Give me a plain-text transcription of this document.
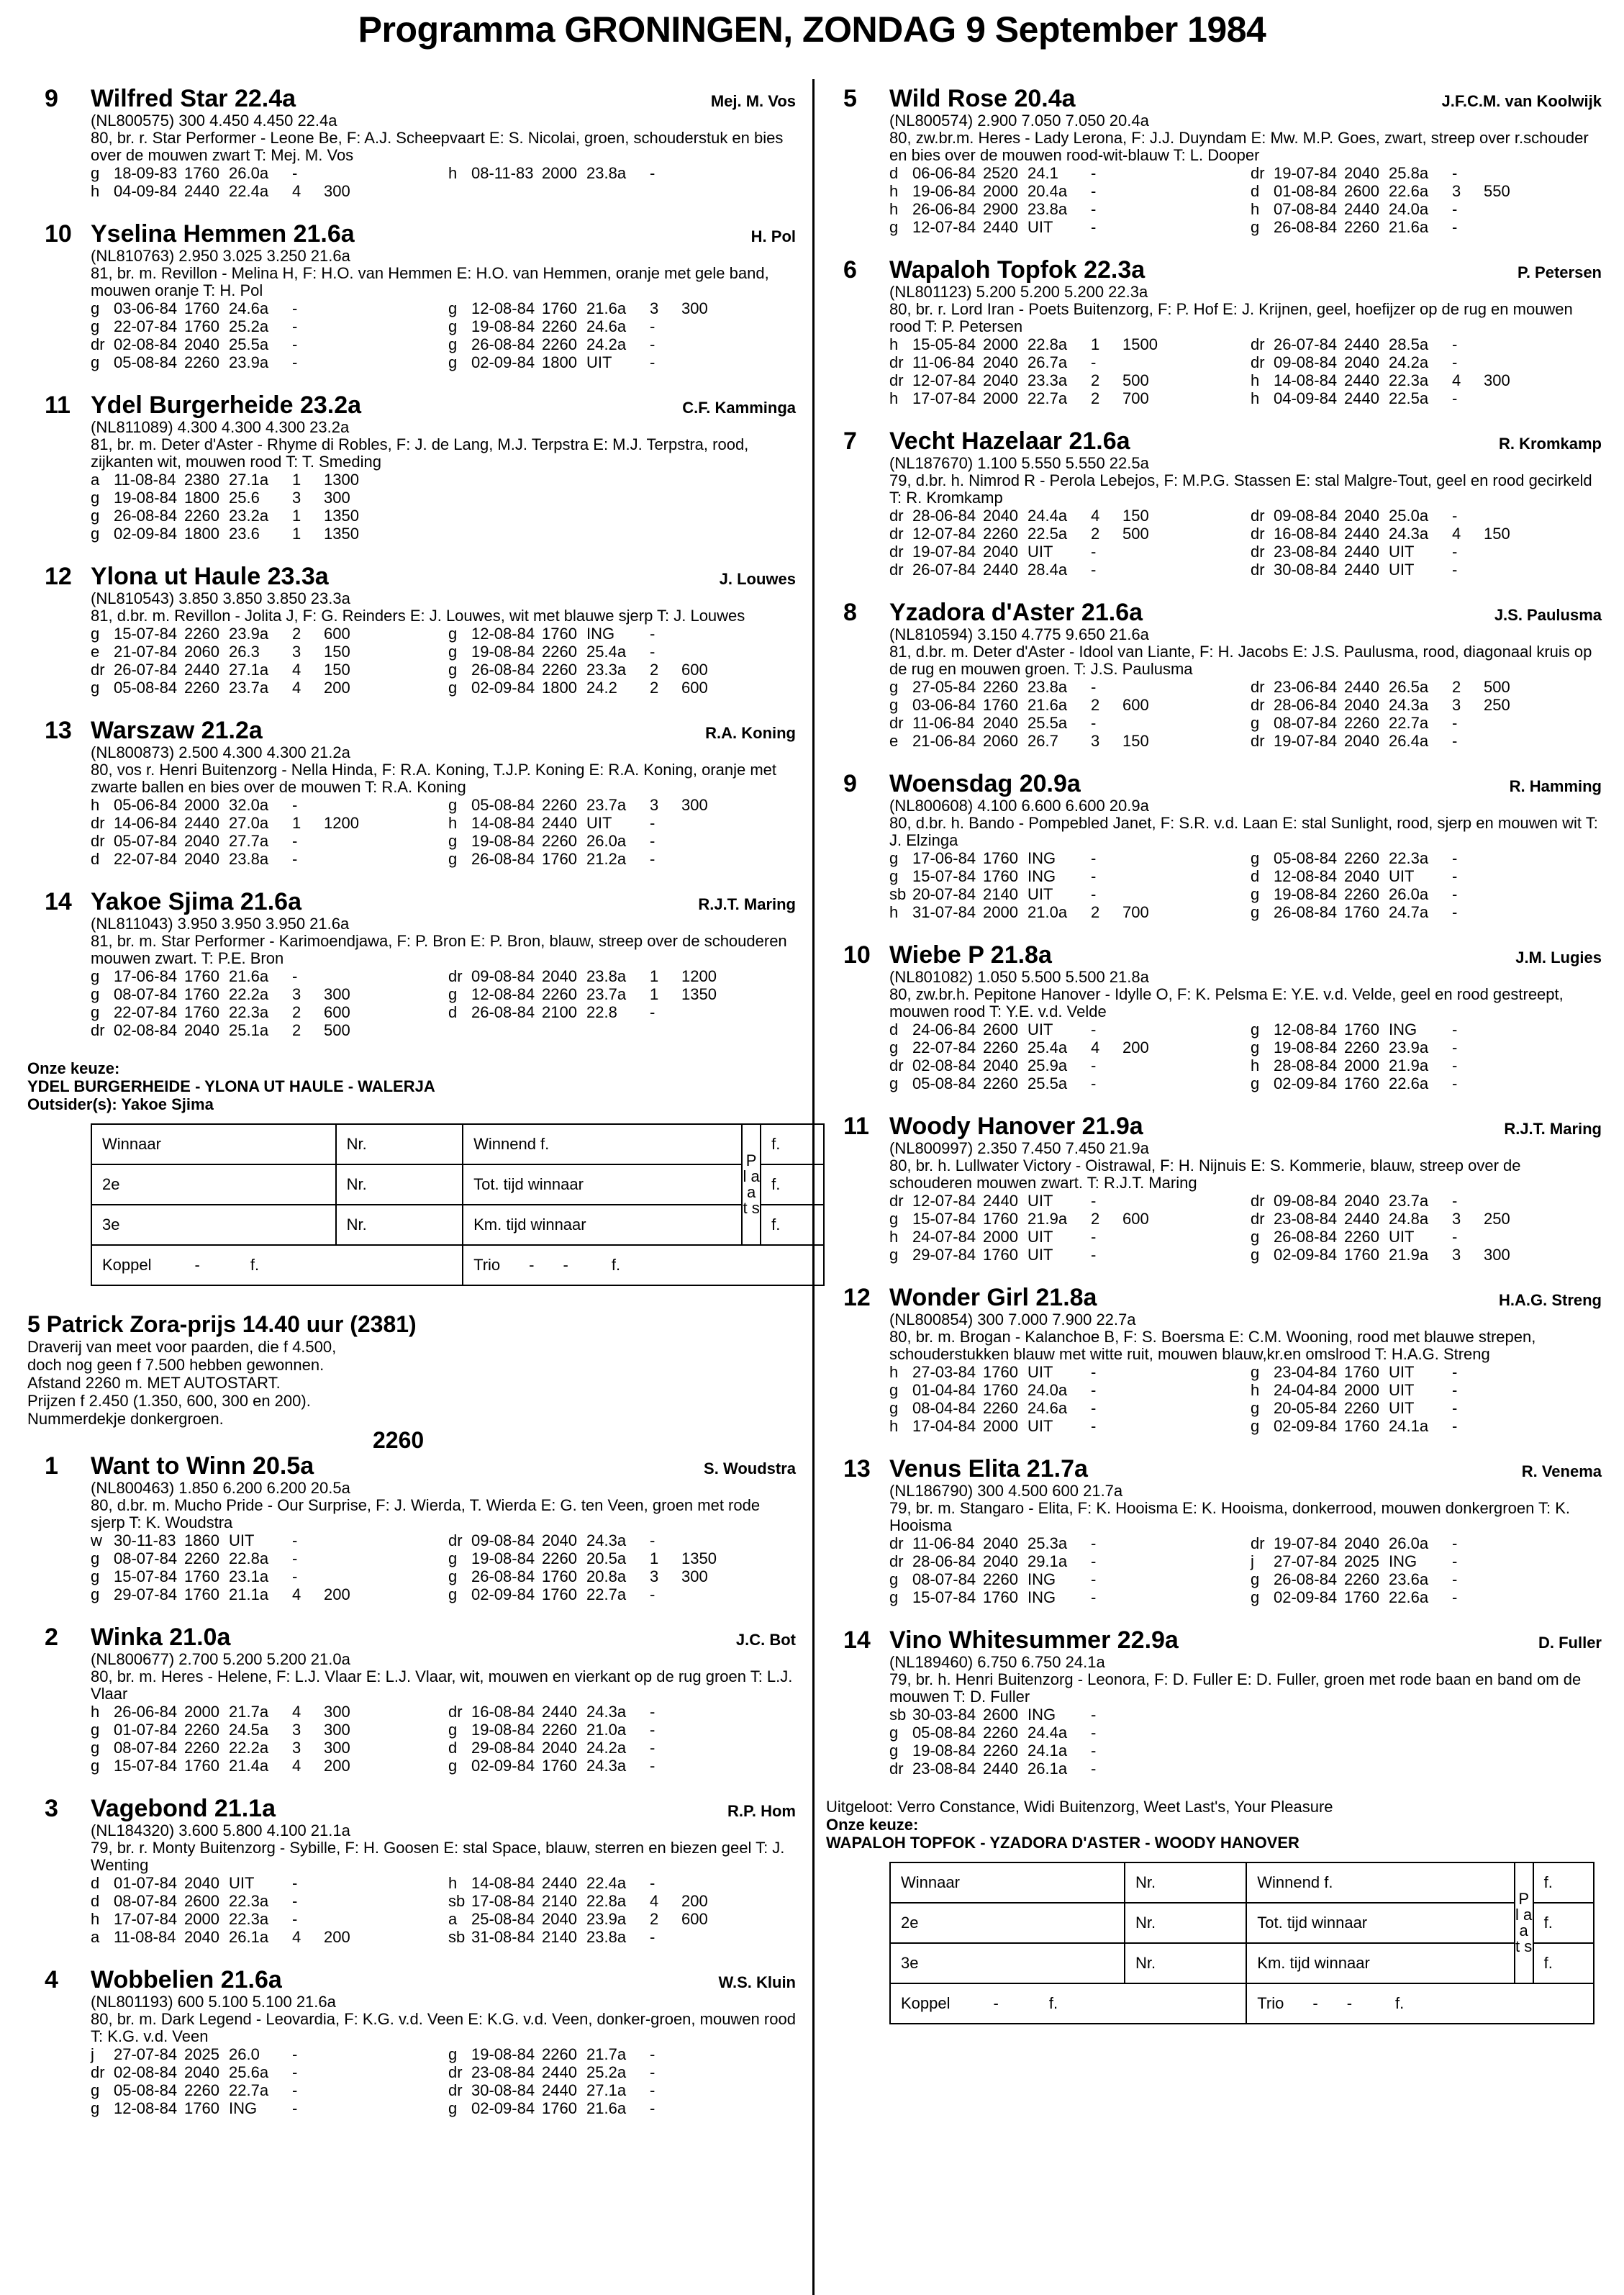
Programma GRONINGEN, ZONDAG 9 September 1984
9 Wilfred Star 22.4a	Mej. M. Vos
(NL800575) 300 4.450 4.450 22.4a
80, br. r. Star Performer - Leone Be, F: A.J. Scheepvaart E: S. Nicolai, groen, schouderstuk en bies over de mouwen zwart T: Mej. M. Vos
g 18-09-83 1760 26.0a	-	h 08-11-83 2000 23.8a	-
h 04-09-84 2440 22.4a	4	300
10 Yselina Hemmen 21.6a	H. Pol
(NL810763) 2.950 3.025 3.250 21.6a
81, br. m. Revillon - Melina H, F: H.O. van Hemmen E: H.O. van Hemmen, oranje met gele band, mouwen oranje T: H. Pol
g 03-06-84 1760 24.6a	-	g 12-08-84 1760 21.6a	3	300
g 22-07-84 1760 25.2a	-	g 19-08-84 2260 24.6a	-
dr 02-08-84 2040 25.5a	-	g 26-08-84 2260 24.2a	-
g 05-08-84 2260 23.9a	-	g 02-09-84 1800 UIT	-
11 Ydel Burgerheide 23.2a	C.F. Kamminga
(NL811089) 4.300 4.300 4.300 23.2a
81, br. m. Deter d'Aster - Rhyme di Robles, F: J. de Lang, M.J. Terpstra E: M.J. Terpstra, rood, zijkanten wit, mouwen rood T: T. Smeding
a 11-08-84 2380 27.1a	1	1300
g 19-08-84 1800 25.6	3	300
g 26-08-84 2260 23.2a	1	1350
g 02-09-84 1800 23.6	1	1350
12 Ylona ut Haule 23.3a	J. Louwes
(NL810543) 3.850 3.850 3.850 23.3a
81, d.br. m. Revillon - Jolita J, F: G. Reinders E: J. Louwes, wit met blauwe sjerp T: J. Louwes
g 15-07-84 2260 23.9a	2	600	g 12-08-84 1760 ING	-
e 21-07-84 2060 26.3	3	150	g 19-08-84 2260 25.4a	-
dr 26-07-84 2440 27.1a	4	150	g 26-08-84 2260 23.3a	2	600
g 05-08-84 2260 23.7a	4	200	g 02-09-84 1800 24.2	2	600
13 Warszaw 21.2a	R.A. Koning
(NL800873) 2.500 4.300 4.300 21.2a
80, vos r. Henri Buitenzorg - Nella Hinda, F: R.A. Koning, T.J.P. Koning E: R.A. Koning, oranje met zwarte ballen en bies over de mouwen T: R.A. Koning
h 05-06-84 2000 32.0a	-	g 05-08-84 2260 23.7a	3	300
dr 14-06-84 2440 27.0a	1	1200	h 14-08-84 2440 UIT	-
dr 05-07-84 2040 27.7a	-	g 19-08-84 2260 26.0a	-
d 22-07-84 2040 23.8a	-	g 26-08-84 1760 21.2a	-
14 Yakoe Sjima 21.6a	R.J.T. Maring
(NL811043) 3.950 3.950 3.950 21.6a
81, br. m. Star Performer - Karimoendjawa, F: P. Bron E: P. Bron, blauw, streep over de schouderen mouwen zwart. T: P.E. Bron
g 17-06-84 1760 21.6a	-	dr 09-08-84 2040 23.8a	1	1200
g 08-07-84 1760 22.2a	3	300	g 12-08-84 2260 23.7a	1	1350
g 22-07-84 1760 22.3a	2	600	d 26-08-84 2100 22.8	-
dr 02-08-84 2040 25.1a	2	500
Onze keuze:
YDEL BURGERHEIDE - YLONA UT HAULE - WALERJA
Outsider(s): Yakoe Sjima
Winnaar	Nr.	Winnend f.	P l a a t s	f.
2e	Nr.	Tot. tijd winnaar		f.
3e	Nr.	Km. tijd winnaar		f.
Koppel - f.		Trio - - f.		
5 Patrick Zora-prijs 14.40 uur (2381)
Draverij van meet voor paarden, die f 4.500,
doch nog geen f 7.500 hebben gewonnen.
Afstand 2260 m. MET AUTOSTART.
Prijzen f 2.450 (1.350, 600, 300 en 200).
Nummerdekje donkergroen.
2260
1 Want to Winn 20.5a	S. Woudstra
(NL800463) 1.850 6.200 6.200 20.5a
80, d.br. m. Mucho Pride - Our Surprise, F: J. Wierda, T. Wierda E: G. ten Veen, groen met rode sjerp T: K. Woudstra
w 30-11-83 1860 UIT	-	dr 09-08-84 2040 24.3a	-
g 08-07-84 2260 22.8a	-	g 19-08-84 2260 20.5a	1	1350
g 15-07-84 1760 23.1a	-	g 26-08-84 1760 20.8a	3	300
g 29-07-84 1760 21.1a	4	200	g 02-09-84 1760 22.7a	-
2 Winka 21.0a	J.C. Bot
(NL800677) 2.700 5.200 5.200 21.0a
80, br. m. Heres - Helene, F: L.J. Vlaar E: L.J. Vlaar, wit, mouwen en vierkant op de rug groen T: L.J. Vlaar
h 26-06-84 2000 21.7a	4	300	dr 16-08-84 2440 24.3a	-
g 01-07-84 2260 24.5a	3	300	g 19-08-84 2260 21.0a	-
g 08-07-84 2260 22.2a	3	300	d 29-08-84 2040 24.2a	-
g 15-07-84 1760 21.4a	4	200	g 02-09-84 1760 24.3a	-
3 Vagebond 21.1a	R.P. Hom
(NL184320) 3.600 5.800 4.100 21.1a
79, br. r. Monty Buitenzorg - Sybille, F: H. Goosen E: stal Space, blauw, sterren en biezen geel T: J. Wenting
d 01-07-84 2040 UIT	-	h 14-08-84 2440 22.4a	-
d 08-07-84 2600 22.3a	-	sb 17-08-84 2140 22.8a	4	200
h 17-07-84 2000 22.3a	-	a 25-08-84 2040 23.9a	2	600
a 11-08-84 2040 26.1a	4	200	sb 31-08-84 2140 23.8a	-
4 Wobbelien 21.6a	W.S. Kluin
(NL801193) 600 5.100 5.100 21.6a
80, br. m. Dark Legend - Leovardia, F: K.G. v.d. Veen E: K.G. v.d. Veen, donker-groen, mouwen rood T: K.G. v.d. Veen
j	27-07-84 2025 26.0	-	g 19-08-84 2260 21.7a	-
dr 02-08-84 2040 25.6a	-	dr 23-08-84 2440 25.2a	-
g 05-08-84 2260 22.7a	-	dr 30-08-84 2440 27.1a	-
g 12-08-84 1760 ING	-	g 02-09-84 1760 21.6a	-
5 Wild Rose 20.4a	J.F.C.M. van Koolwijk
(NL800574) 2.900 7.050 7.050 20.4a
80, zw.br.m. Heres - Lady Lerona, F: J.J. Duyndam E: Mw. M.P. Goes, zwart, streep over r.schouder en bies over de mouwen rood-wit-blauw T: L. Dooper
d 06-06-84 2520 24.1	-	dr 19-07-84 2040 25.8a	-
h 19-06-84 2000 20.4a	-	d 01-08-84 2600 22.6a	3	550
h 26-06-84 2900 23.8a	-	h 07-08-84 2440 24.0a	-
g 12-07-84 2440 UIT	-	g 26-08-84 2260 21.6a	-
6 Wapaloh Topfok 22.3a	P. Petersen
(NL801123) 5.200 5.200 5.200 22.3a
80, br. r. Lord Iran - Poets Buitenzorg, F: P. Hof E: J. Krijnen, geel, hoefijzer op de rug en mouwen rood T: P. Petersen
h 15-05-84 2000 22.8a	1	1500	dr 26-07-84 2440 28.5a	-
dr 11-06-84 2040 26.7a	-	dr 09-08-84 2040 24.2a	-
dr 12-07-84 2040 23.3a	2	500	h 14-08-84 2440 22.3a	4	300
h 17-07-84 2000 22.7a	2	700	h 04-09-84 2440 22.5a	-
7 Vecht Hazelaar 21.6a	R. Kromkamp
(NL187670) 1.100 5.550 5.550 22.5a
79, d.br. h. Nimrod R - Perola Lebejos, F: M.P.G. Stassen E: stal Malgre-Tout, geel en rood gecirkeld T: R. Kromkamp
dr 28-06-84 2040 24.4a	4	150	dr 09-08-84 2040 25.0a	-
dr 12-07-84 2260 22.5a	2	500	dr 16-08-84 2440 24.3a	4	150
dr 19-07-84 2040 UIT	-	dr 23-08-84 2440 UIT	-
dr 26-07-84 2440 28.4a	-	dr 30-08-84 2440 UIT	-
8 Yzadora d'Aster 21.6a	J.S. Paulusma
(NL810594) 3.150 4.775 9.650 21.6a
81, d.br. m. Deter d'Aster - Idool van Liante, F: H. Jacobs E: J.S. Paulusma, rood, diagonaal kruis op de rug en mouwen groen. T: J.S. Paulusma
g 27-05-84 2260 23.8a	-	dr 23-06-84 2440 26.5a	2	500
g 03-06-84 1760 21.6a	2	600	dr 28-06-84 2040 24.3a	3	250
dr 11-06-84 2040 25.5a	-	g 08-07-84 2260 22.7a	-
e 21-06-84 2060 26.7	3	150	dr 19-07-84 2040 26.4a	-
9 Woensdag 20.9a	R. Hamming
(NL800608) 4.100 6.600 6.600 20.9a
80, d.br. h. Bando - Pompebled Janet, F: S.R. v.d. Laan E: stal Sunlight, rood, sjerp en mouwen wit T: J. Elzinga
g 17-06-84 1760 ING	-	g 05-08-84 2260 22.3a	-
g 15-07-84 1760 ING	-	d 12-08-84 2040 UIT	-
sb 20-07-84 2140 UIT	-	g 19-08-84 2260 26.0a	-
h 31-07-84 2000 21.0a	2	700	g 26-08-84 1760 24.7a	-
10 Wiebe P 21.8a	J.M. Lugies
(NL801082) 1.050 5.500 5.500 21.8a
80, zw.br.h. Pepitone Hanover - Idylle O, F: K. Pelsma E: Y.E. v.d. Velde, geel en rood gestreept, mouwen rood T: Y.E. v.d. Velde
d 24-06-84 2600 UIT	-	g 12-08-84 1760 ING	-
g 22-07-84 2260 25.4a	4	200	g 19-08-84 2260 23.9a	-
dr 02-08-84 2040 25.9a	-	h 28-08-84 2000 21.9a	-
g 05-08-84 2260 25.5a	-	g 02-09-84 1760 22.6a	-
11 Woody Hanover 21.9a	R.J.T. Maring
(NL800997) 2.350 7.450 7.450 21.9a
80, br. h. Lullwater Victory - Oistrawal, F: H. Nijnuis E: S. Kommerie, blauw, streep over de schouderen mouwen zwart. T: R.J.T. Maring
dr 12-07-84 2440 UIT	-	dr 09-08-84 2040 23.7a	-
g 15-07-84 1760 21.9a	2	600	dr 23-08-84 2440 24.8a	3	250
h 24-07-84 2000 UIT	-	g 26-08-84 2260 UIT	-
g 29-07-84 1760 UIT	-	g 02-09-84 1760 21.9a	3	300
12 Wonder Girl 21.8a	H.A.G. Streng
(NL800854) 300 7.000 7.900 22.7a
80, br. m. Brogan - Kalanchoe B, F: S. Boersma E: C.M. Wooning, rood met blauwe strepen, schouderstukken blauw met witte ruit, mouwen blauw,kr.en omslrood T: H.A.G. Streng
h 27-03-84 1760 UIT	-	g 23-04-84 1760 UIT	-
g 01-04-84 1760 24.0a	-	h 24-04-84 2000 UIT	-
g 08-04-84 2260 24.6a	-	g 20-05-84 2260 UIT	-
h 17-04-84 2000 UIT	-	g 02-09-84 1760 24.1a	-
13 Venus Elita 21.7a	R. Venema
(NL186790) 300 4.500 600 21.7a
79, br. m. Stangaro - Elita, F: K. Hooisma E: K. Hooisma, donkerrood, mouwen donkergroen T: K. Hooisma
dr 11-06-84 2040 25.3a	-	dr 19-07-84 2040 26.0a	-
dr 28-06-84 2040 29.1a	-	j	27-07-84 2025 ING	-
g 08-07-84 2260 ING	-	g 26-08-84 2260 23.6a	-
g 15-07-84 1760 ING	-	g 02-09-84 1760 22.6a	-
14 Vino Whitesummer 22.9a	D. Fuller
(NL189460) 6.750 6.750 24.1a
79, br. h. Henri Buitenzorg - Leonora, F: D. Fuller E: D. Fuller, groen met rode baan en band om de mouwen T: D. Fuller
sb 30-03-84 2600 ING	-
g 05-08-84 2260 24.4a	-
g 19-08-84 2260 24.1a	-
dr 23-08-84 2440 26.1a	-
Uitgeloot: Verro Constance, Widi Buitenzorg, Weet Last's, Your Pleasure
Onze keuze:
WAPALOH TOPFOK - YZADORA D'ASTER - WOODY HANOVER
Winnaar	Nr.	Winnend f.	P l a a t s	f.
2e	Nr.	Tot. tijd winnaar		f.
3e	Nr.	Km. tijd winnaar		f.
Koppel - f.		Trio - - f.		
